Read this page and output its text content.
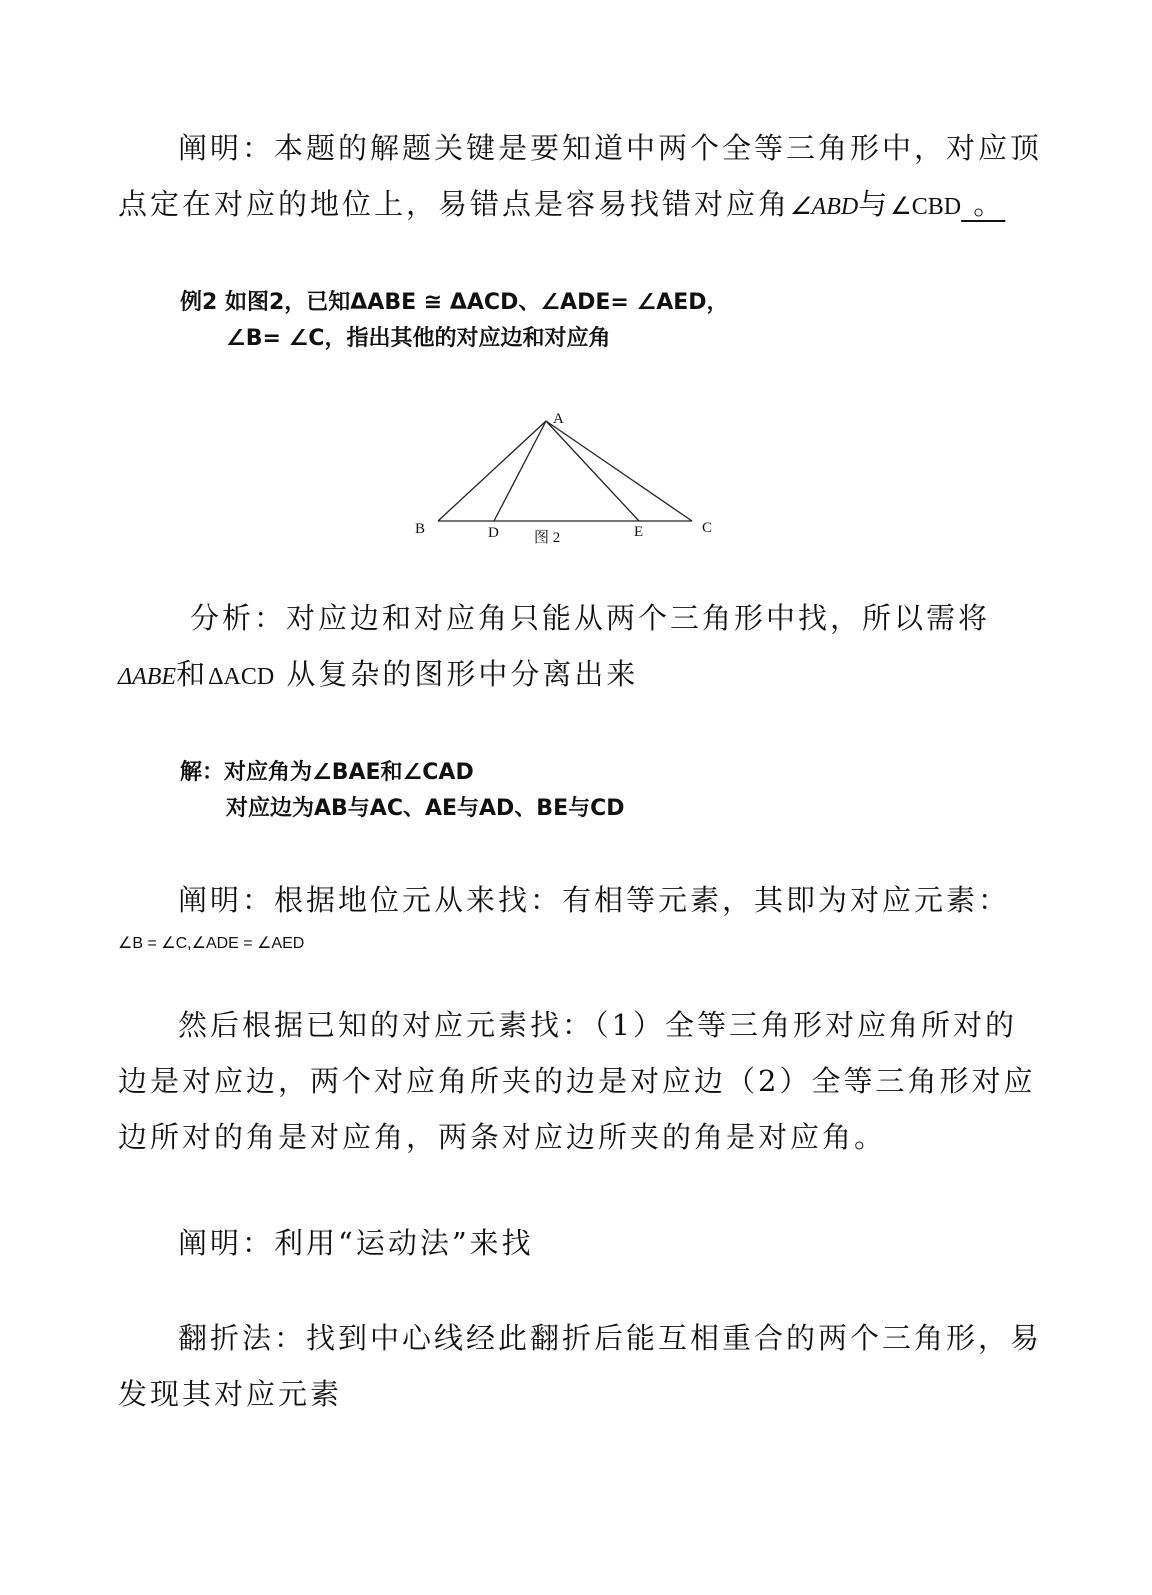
阐明：本题的解题关键是要知道中两个全等三角形中，对应顶点定在对应的地位上，易错点是容易找错对应角∠ABD与∠CBD 。

例2 如图2，已知ΔABE ≅ ΔACD、∠ADE= ∠AED，
∠B= ∠C，指出其他的对应边和对应角
A
B	C
D	E
图 2

分析：对应边和对应角只能从两个三角形中找，所以需将ΔABE和ΔACD 从复杂的图形中分离出来

解：对应角为∠BAE和∠CAD
对应边为AB与AC、AE与AD、BE与CD

阐明：根据地位元从来找：有相等元素，其即为对应元素：

∠B = ∠C,∠ADE = ∠AED

然后根据已知的对应元素找：（1）全等三角形对应角所对的边是对应边，两个对应角所夹的边是对应边（2）全等三角形对应边所对的角是对应角，两条对应边所夹的角是对应角。

阐明：利用“运动法”来找

翻折法：找到中心线经此翻折后能互相重合的两个三角形，易发现其对应元素
